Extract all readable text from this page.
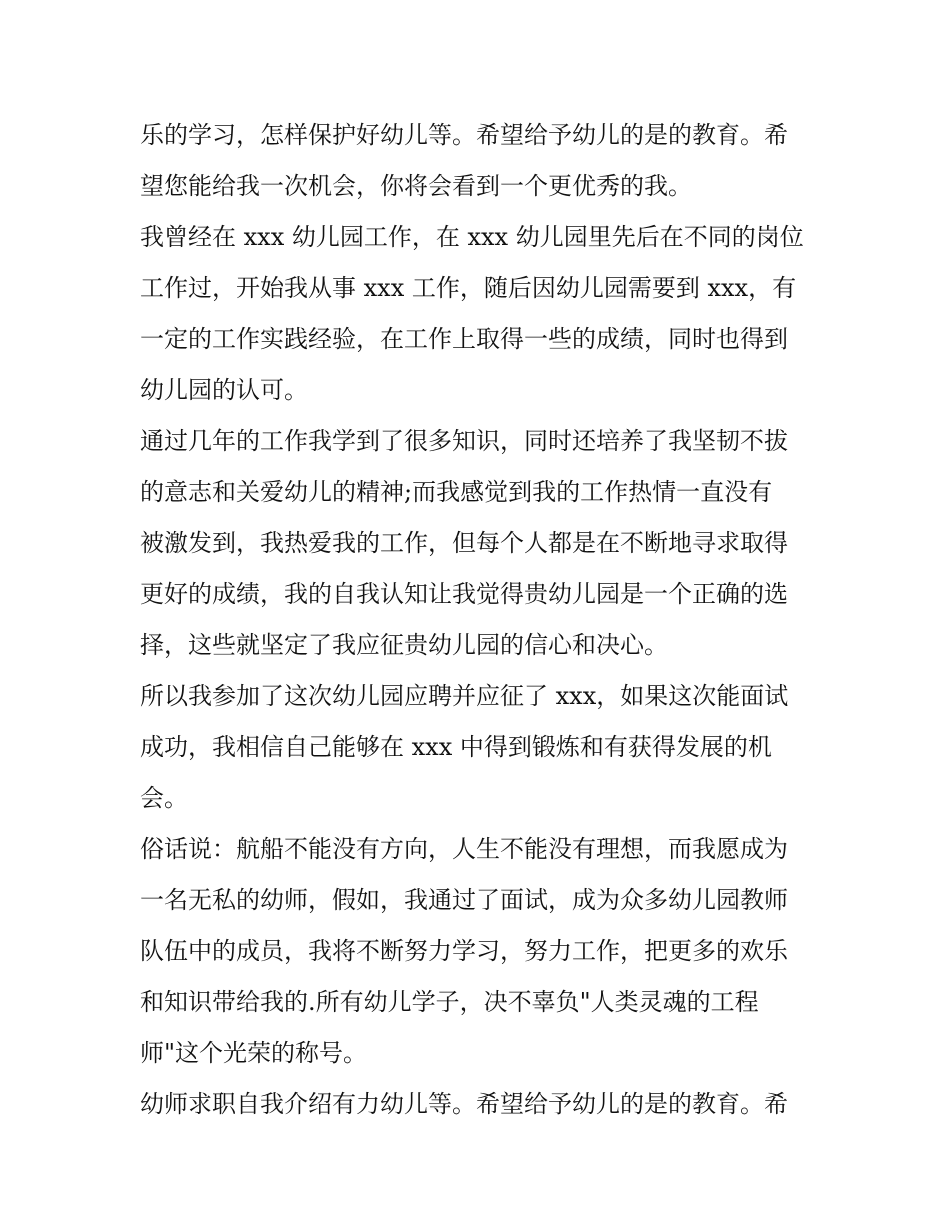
乐的学习，怎样保护好幼儿等。希望给予幼儿的是的教育。希
望您能给我一次机会，你将会看到一个更优秀的我。
我曾经在 xxx 幼儿园工作，在 xxx 幼儿园里先后在不同的岗位
工作过，开始我从事 xxx 工作，随后因幼儿园需要到 xxx，有
一定的工作实践经验，在工作上取得一些的成绩，同时也得到
幼儿园的认可。
通过几年的工作我学到了很多知识，同时还培养了我坚韧不拔
的意志和关爱幼儿的精神;而我感觉到我的工作热情一直没有
被激发到，我热爱我的工作，但每个人都是在不断地寻求取得
更好的成绩，我的自我认知让我觉得贵幼儿园是一个正确的选
择，这些就坚定了我应征贵幼儿园的信心和决心。
所以我参加了这次幼儿园应聘并应征了 xxx，如果这次能面试
成功，我相信自己能够在 xxx 中得到锻炼和有获得发展的机
会。
俗话说：航船不能没有方向，人生不能没有理想，而我愿成为
一名无私的幼师，假如，我通过了面试，成为众多幼儿园教师
队伍中的成员，我将不断努力学习，努力工作，把更多的欢乐
和知识带给我的.所有幼儿学子，决不辜负"人类灵魂的工程
师"这个光荣的称号。
幼师求职自我介绍有力幼儿等。希望给予幼儿的是的教育。希
